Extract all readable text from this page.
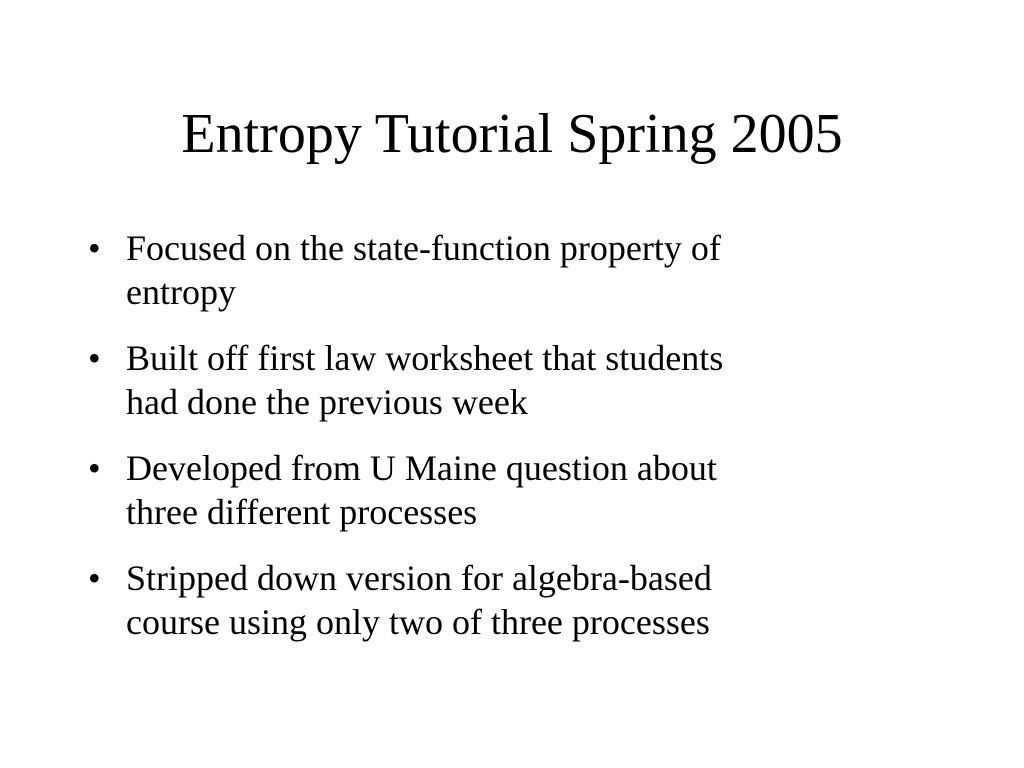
Entropy Tutorial Spring 2005
• Focused on the state-function property of
entropy
• Built off first law worksheet that students
had done the previous week
• Developed from U Maine question about
three different processes
• Stripped down version for algebra-based
course using only two of three processes
